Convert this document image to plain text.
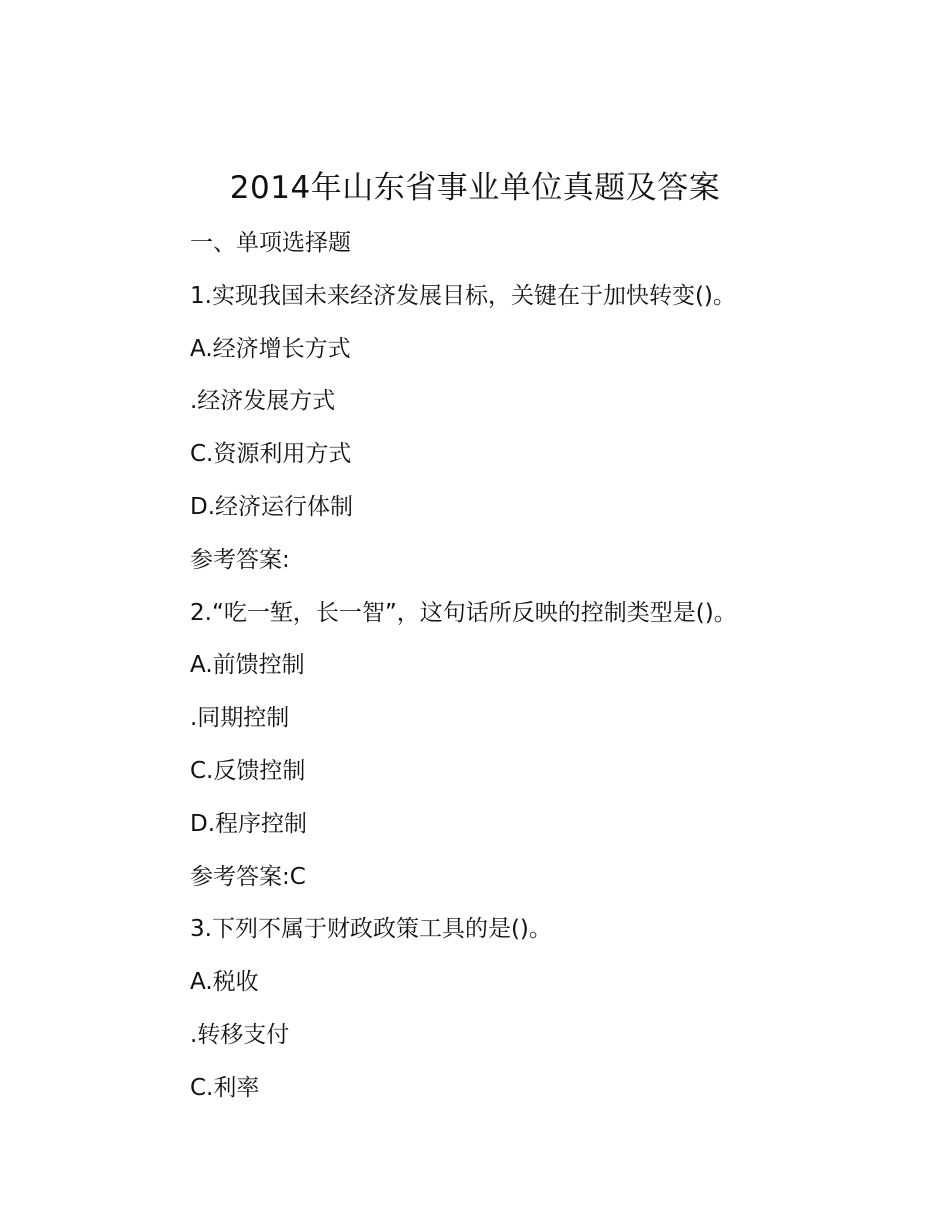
2014年山东省事业单位真题及答案

一、单项选择题

1.实现我国未来经济发展目标，关键在于加快转变()。

A.经济增长方式

.经济发展方式

C.资源利用方式

D.经济运行体制

参考答案:

2.“吃一堑，长一智”，这句话所反映的控制类型是()。

A.前馈控制

.同期控制

C.反馈控制

D.程序控制

参考答案:C

3.下列不属于财政政策工具的是()。

A.税收

.转移支付

C.利率
